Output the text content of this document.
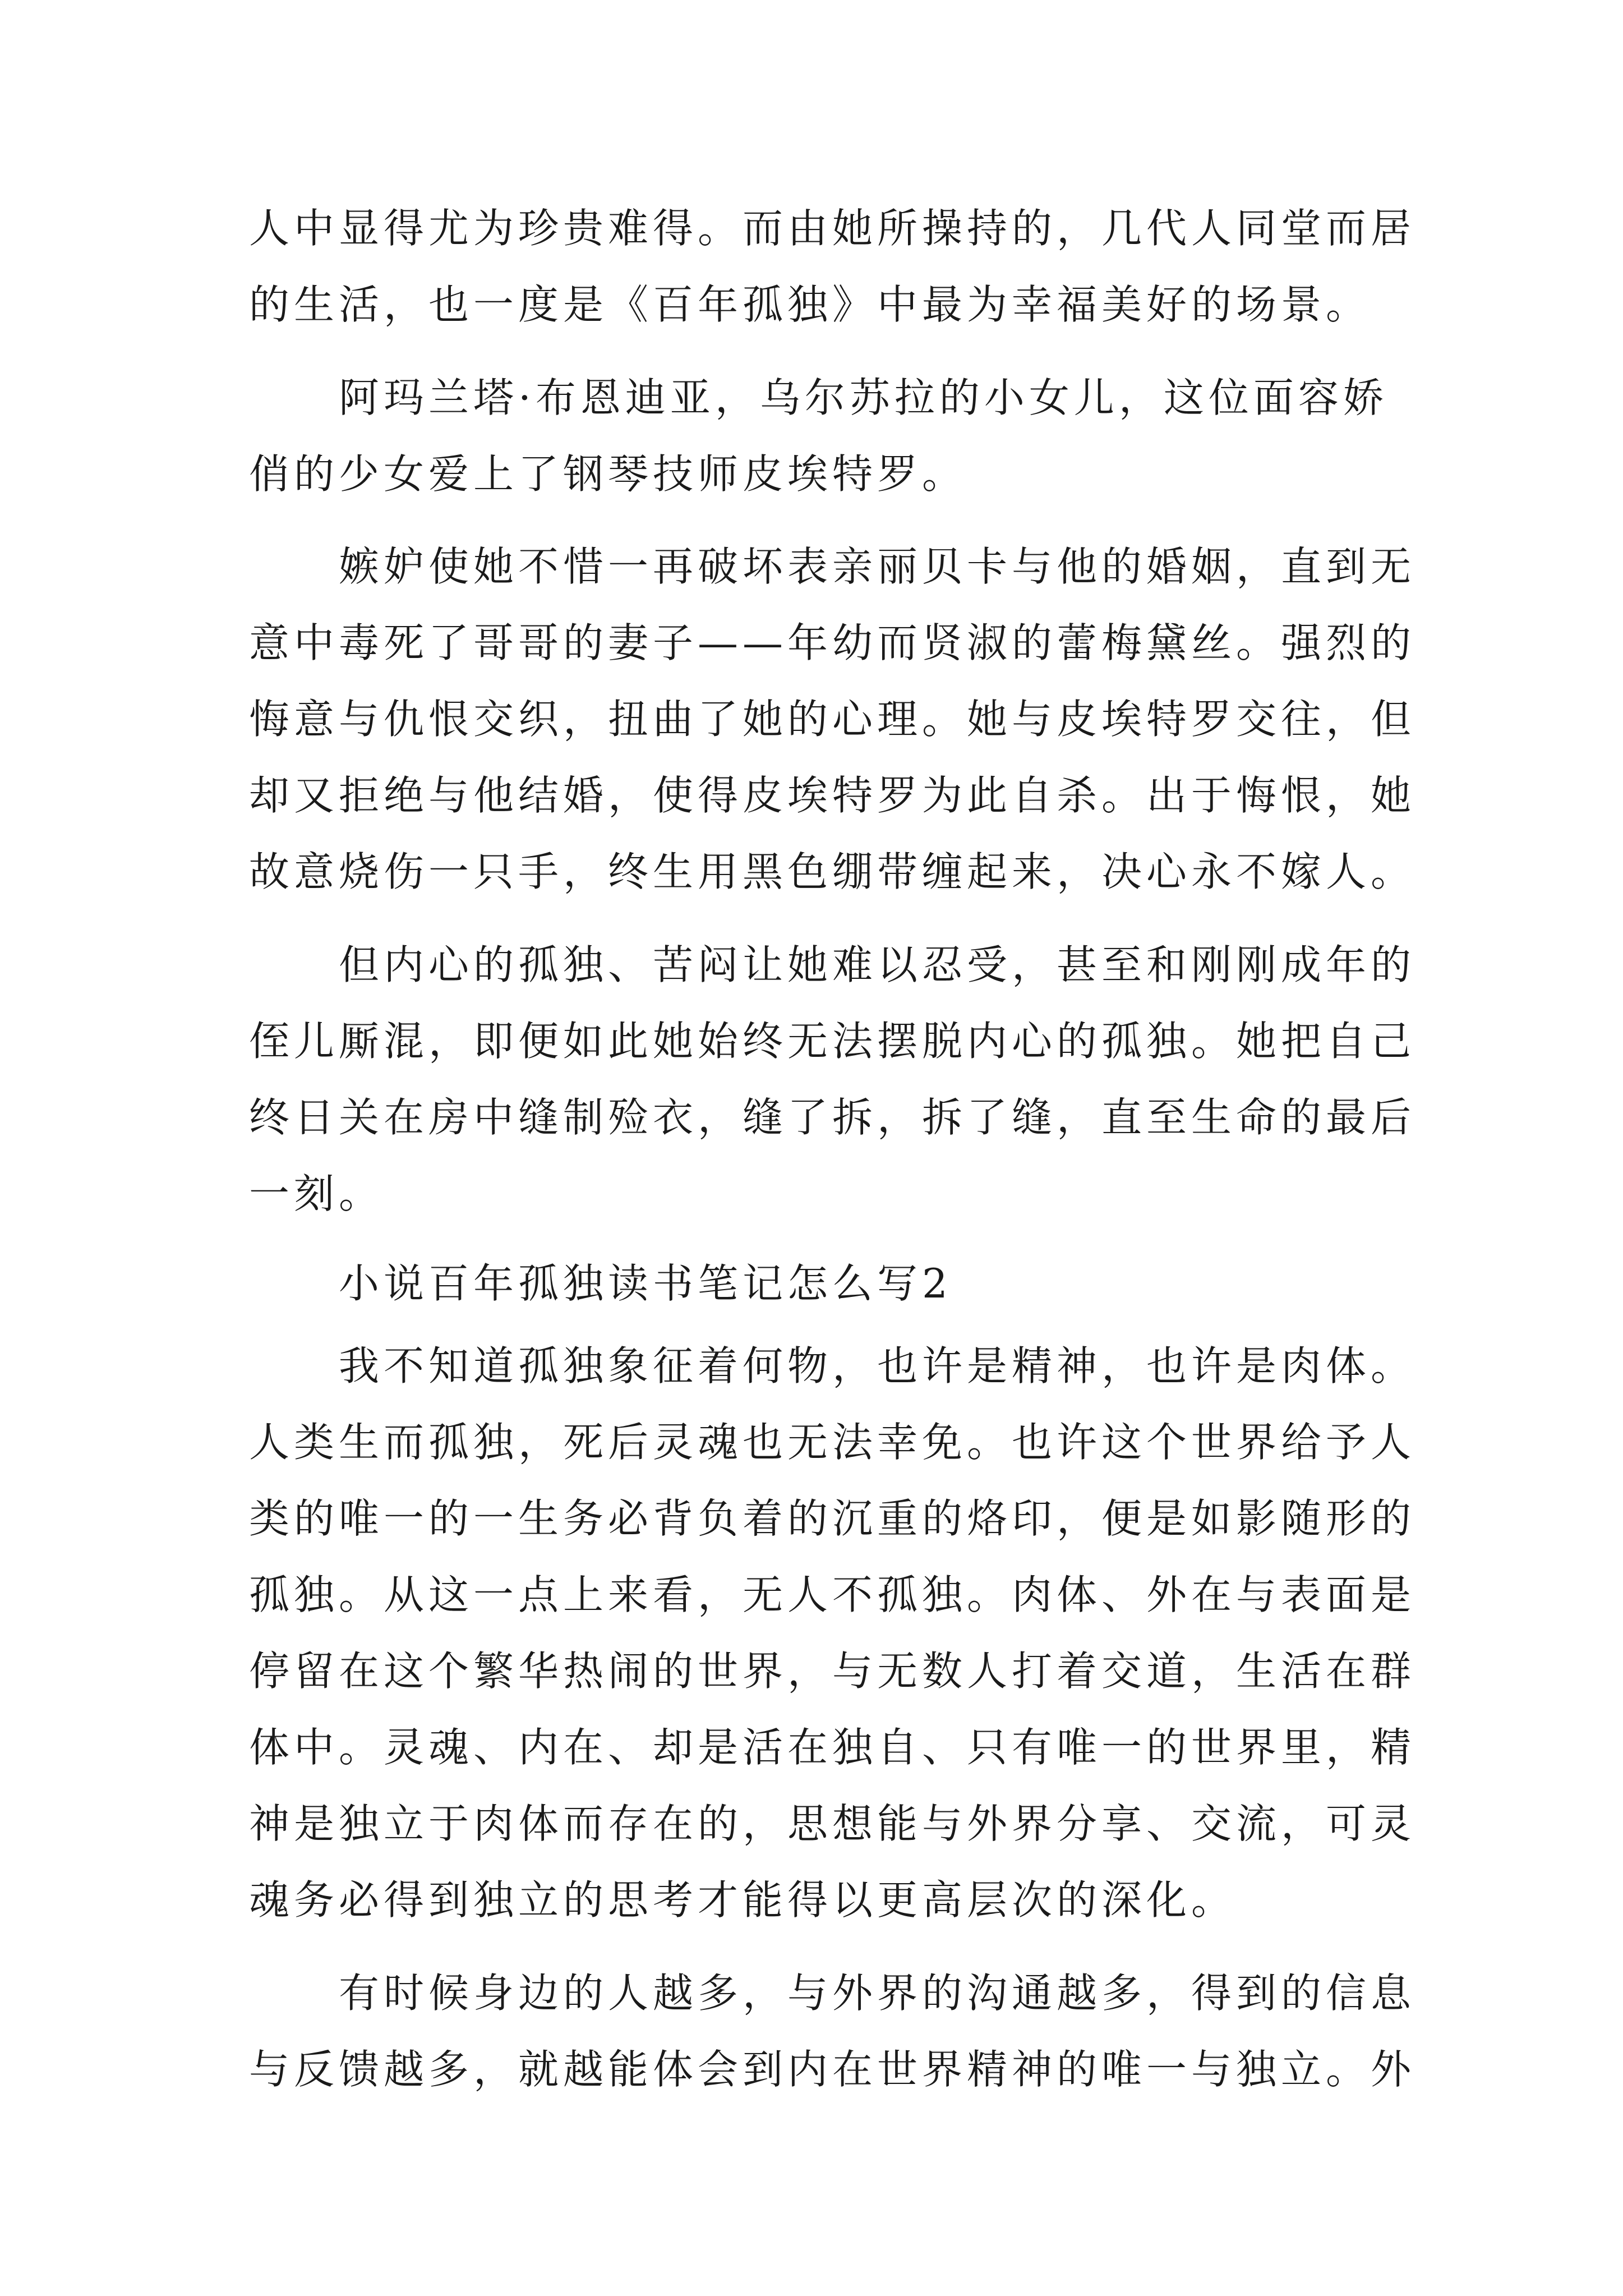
人中显得尤为珍贵难得。而由她所操持的，几代人同堂而居

的生活，也一度是《百年孤独》中最为幸福美好的场景。

　　阿玛兰塔·布恩迪亚，乌尔苏拉的小女儿，这位面容娇

俏的少女爱上了钢琴技师皮埃特罗。

　　嫉妒使她不惜一再破坏表亲丽贝卡与他的婚姻，直到无

意中毒死了哥哥的妻子——年幼而贤淑的蕾梅黛丝。强烈的

悔意与仇恨交织，扭曲了她的心理。她与皮埃特罗交往，但

却又拒绝与他结婚，使得皮埃特罗为此自杀。出于悔恨，她

故意烧伤一只手，终生用黑色绷带缠起来，决心永不嫁人。

　　但内心的孤独、苦闷让她难以忍受，甚至和刚刚成年的

侄儿厮混，即便如此她始终无法摆脱内心的孤独。她把自己

终日关在房中缝制殓衣，缝了拆，拆了缝，直至生命的最后

一刻。

　　小说百年孤独读书笔记怎么写2

　　我不知道孤独象征着何物，也许是精神，也许是肉体。

人类生而孤独，死后灵魂也无法幸免。也许这个世界给予人

类的唯一的一生务必背负着的沉重的烙印，便是如影随形的

孤独。从这一点上来看，无人不孤独。肉体、外在与表面是

停留在这个繁华热闹的世界，与无数人打着交道，生活在群

体中。灵魂、内在、却是活在独自、只有唯一的世界里，精

神是独立于肉体而存在的，思想能与外界分享、交流，可灵

魂务必得到独立的思考才能得以更高层次的深化。

　　有时候身边的人越多，与外界的沟通越多，得到的信息

与反馈越多，就越能体会到内在世界精神的唯一与独立。外
